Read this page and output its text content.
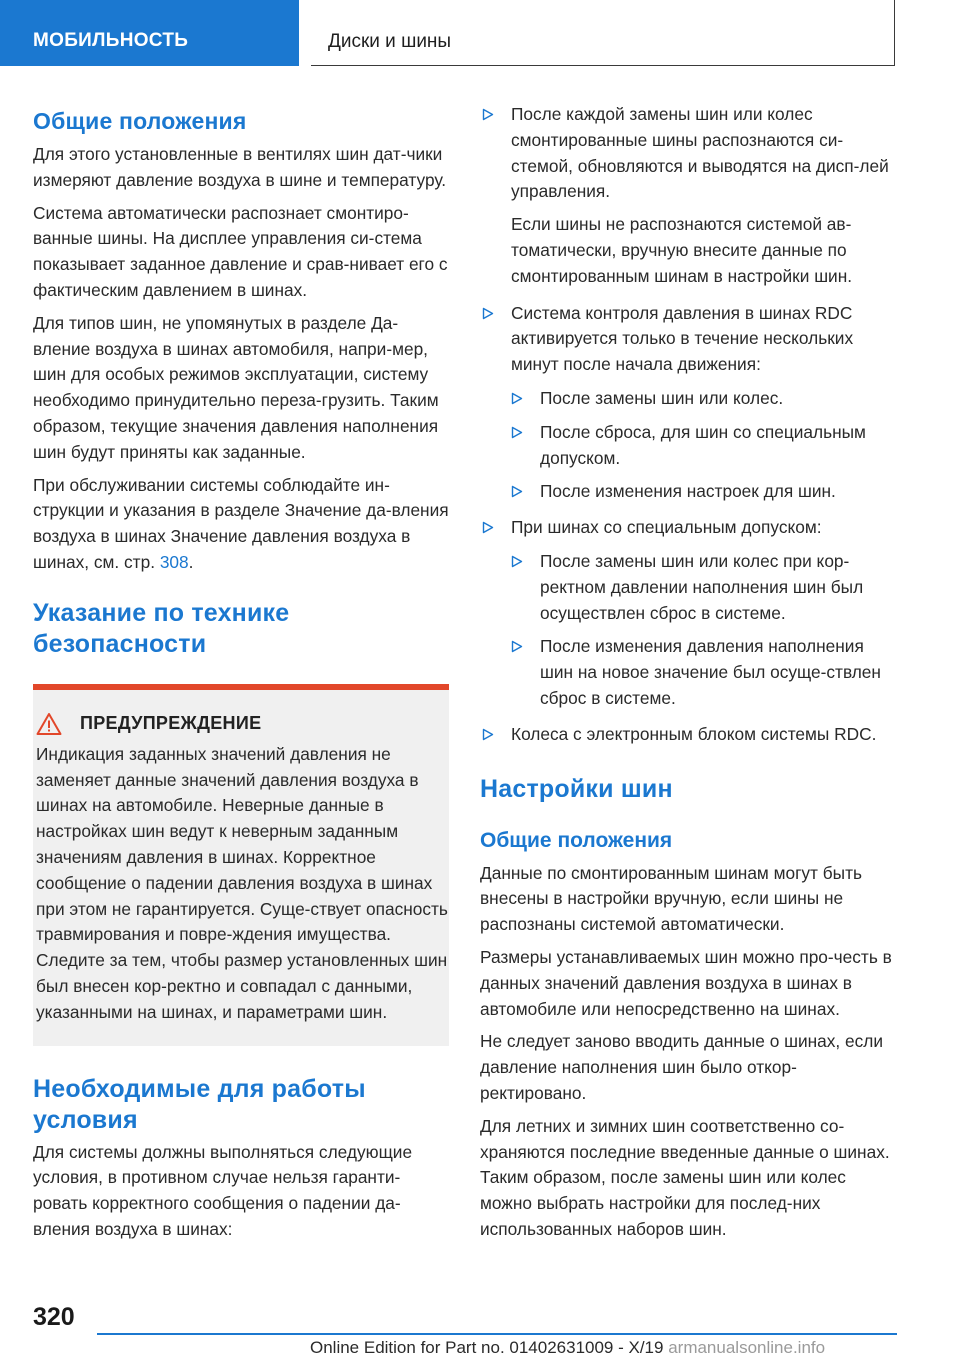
МОБИЛЬНОСТЬ	Диски и шины
Общие положения
Для этого установленные в вентилях шин дат-чики измеряют давление воздуха в шине и температуру.
Система автоматически распознает смонтиро-ванные шины. На дисплее управления си-стема показывает заданное давление и срав-нивает его с фактическим давлением в шинах.
Для типов шин, не упомянутых в разделе Да-вление воздуха в шинах автомобиля, напри-мер, шин для особых режимов эксплуатации, систему необходимо принудительно переза-грузить. Таким образом, текущие значения давления наполнения шин будут приняты как заданные.
При обслуживании системы соблюдайте ин-струкции и указания в разделе Значение да-вления воздуха в шинах Значение давления воздуха в шинах, см. стр. 308.
Указание по технике безопасности
ПРЕДУПРЕЖДЕНИЕ
Индикация заданных значений давления не заменяет данные значений давления воздуха в шинах на автомобиле. Неверные данные в настройках шин ведут к неверным заданным значениям давления в шинах. Корректное сообщение о падении давления воздуха в шинах при этом не гарантируется. Суще-ствует опасность травмирования и повре-ждения имущества. Следите за тем, чтобы размер установленных шин был внесен кор-ректно и совпадал с данными, указанными на шинах, и параметрами шин.
Необходимые для работы условия
Для системы должны выполняться следующие условия, в противном случае нельзя гаранти-ровать корректного сообщения о падении да-вления воздуха в шинах:
После каждой замены шин или колес смонтированные шины распознаются си-стемой, обновляются и выводятся на дисп-лей управления.
Если шины не распознаются системой ав-томатически, вручную внесите данные по смонтированным шинам в настройки шин.
Система контроля давления в шинах RDC активируется только в течение нескольких минут после начала движения:
После замены шин или колес.
После сброса, для шин со специальным допуском.
После изменения настроек для шин.
При шинах со специальным допуском:
После замены шин или колес при кор-ректном давлении наполнения шин был осуществлен сброс в системе.
После изменения давления наполнения шин на новое значение был осуще-ствлен сброс в системе.
Колеса с электронным блоком системы RDC.
Настройки шин
Общие положения
Данные по смонтированным шинам могут быть внесены в настройки вручную, если шины не распознаны системой автоматически.
Размеры устанавливаемых шин можно про-честь в данных значений давления воздуха в шинах в автомобиле или непосредственно на шинах.
Не следует заново вводить данные о шинах, если давление наполнения шин было откор-ректировано.
Для летних и зимних шин соответственно со-храняются последние введенные данные о шинах. Таким образом, после замены шин или колес можно выбрать настройки для послед-них использованных наборов шин.
320
Online Edition for Part no. 01402631009 - X/19 armanualsonline.info
